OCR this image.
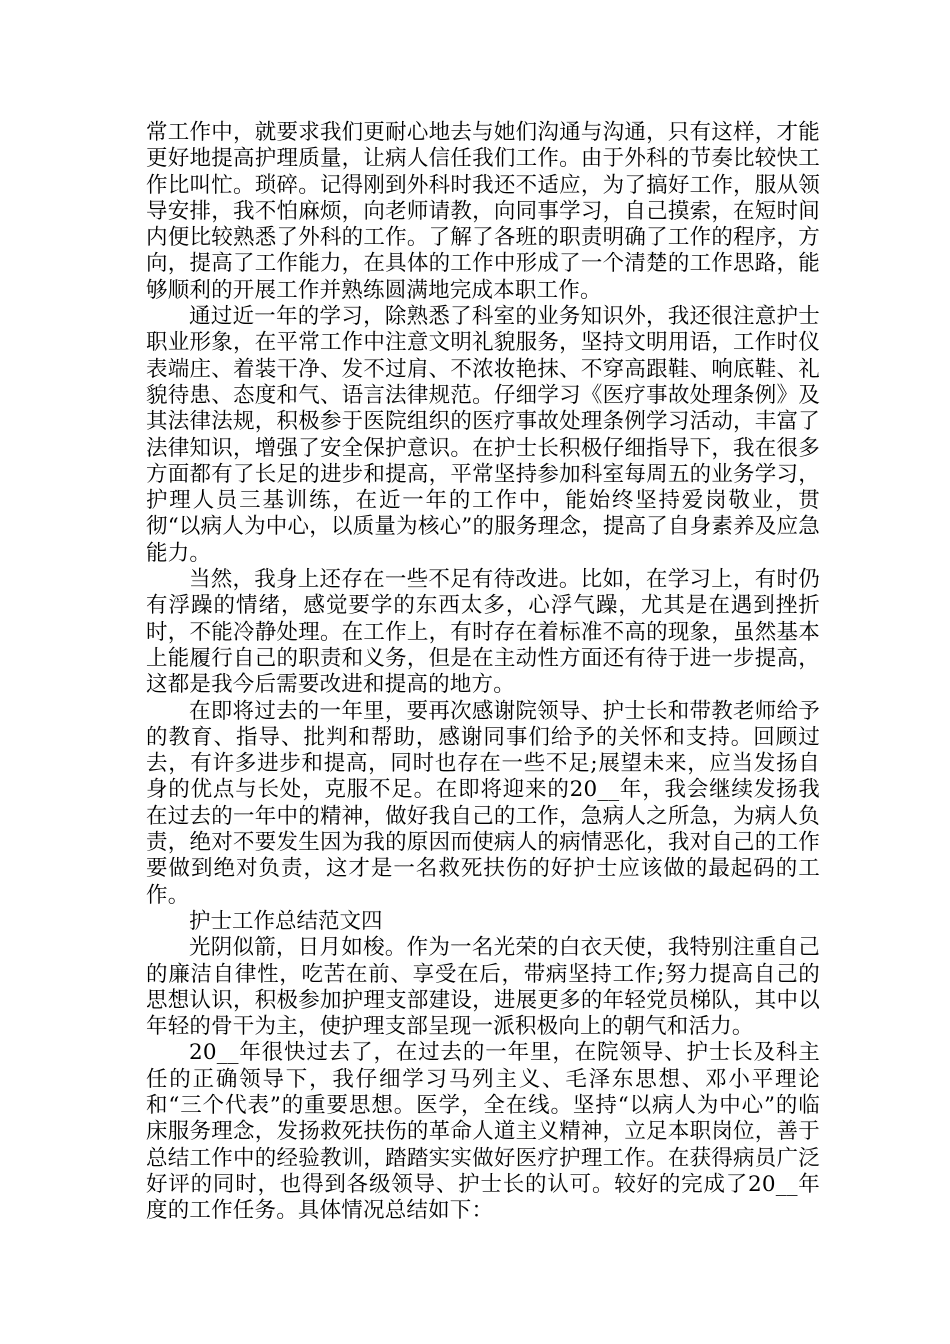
常工作中，就要求我们更耐心地去与她们沟通与沟通，只有这样，才能更好地提高护理质量，让病人信任我们工作。由于外科的节奏比较快工作比叫忙。琐碎。记得刚到外科时我还不适应，为了搞好工作，服从领导安排，我不怕麻烦，向老师请教，向同事学习，自己摸索，在短时间内便比较熟悉了外科的工作。了解了各班的职责明确了工作的程序，方向，提高了工作能力，在具体的工作中形成了一个清楚的工作思路，能够顺利的开展工作并熟练圆满地完成本职工作。

通过近一年的学习，除熟悉了科室的业务知识外，我还很注意护士职业形象，在平常工作中注意文明礼貌服务，坚持文明用语，工作时仪表端庄、着装干净、发不过肩、不浓妆艳抹、不穿高跟鞋、响底鞋、礼貌待患、态度和气、语言法律规范。仔细学习《医疗事故处理条例》及其法律法规，积极参于医院组织的医疗事故处理条例学习活动，丰富了法律知识，增强了安全保护意识。在护士长积极仔细指导下，我在很多方面都有了长足的进步和提高，平常坚持参加科室每周五的业务学习，护理人员三基训练，在近一年的工作中，能始终坚持爱岗敬业，贯彻“以病人为中心，以质量为核心”的服务理念，提高了自身素养及应急能力。

当然，我身上还存在一些不足有待改进。比如，在学习上，有时仍有浮躁的情绪，感觉要学的东西太多，心浮气躁，尤其是在遇到挫折时，不能冷静处理。在工作上，有时存在着标准不高的现象，虽然基本上能履行自己的职责和义务，但是在主动性方面还有待于进一步提高，这都是我今后需要改进和提高的地方。

在即将过去的一年里，要再次感谢院领导、护士长和带教老师给予的教育、指导、批判和帮助，感谢同事们给予的关怀和支持。回顾过去，有许多进步和提高，同时也存在一些不足;展望未来，应当发扬自身的优点与长处，克服不足。在即将迎来的20__年，我会继续发扬我在过去的一年中的精神，做好我自己的工作，急病人之所急，为病人负责，绝对不要发生因为我的原因而使病人的病情恶化，我对自己的工作要做到绝对负责，这才是一名救死扶伤的好护士应该做的最起码的工作。

护士工作总结范文四

光阴似箭，日月如梭。作为一名光荣的白衣天使，我特别注重自己的廉洁自律性，吃苦在前、享受在后，带病坚持工作;努力提高自己的思想认识，积极参加护理支部建设，进展更多的年轻党员梯队，其中以年轻的骨干为主，使护理支部呈现一派积极向上的朝气和活力。

20__年很快过去了，在过去的一年里，在院领导、护士长及科主任的正确领导下，我仔细学习马列主义、毛泽东思想、邓小平理论和“三个代表”的重要思想。医学，全在线。坚持“以病人为中心”的临床服务理念，发扬救死扶伤的革命人道主义精神，立足本职岗位，善于总结工作中的经验教训，踏踏实实做好医疗护理工作。在获得病员广泛好评的同时，也得到各级领导、护士长的认可。较好的完成了20__年度的工作任务。具体情况总结如下：
